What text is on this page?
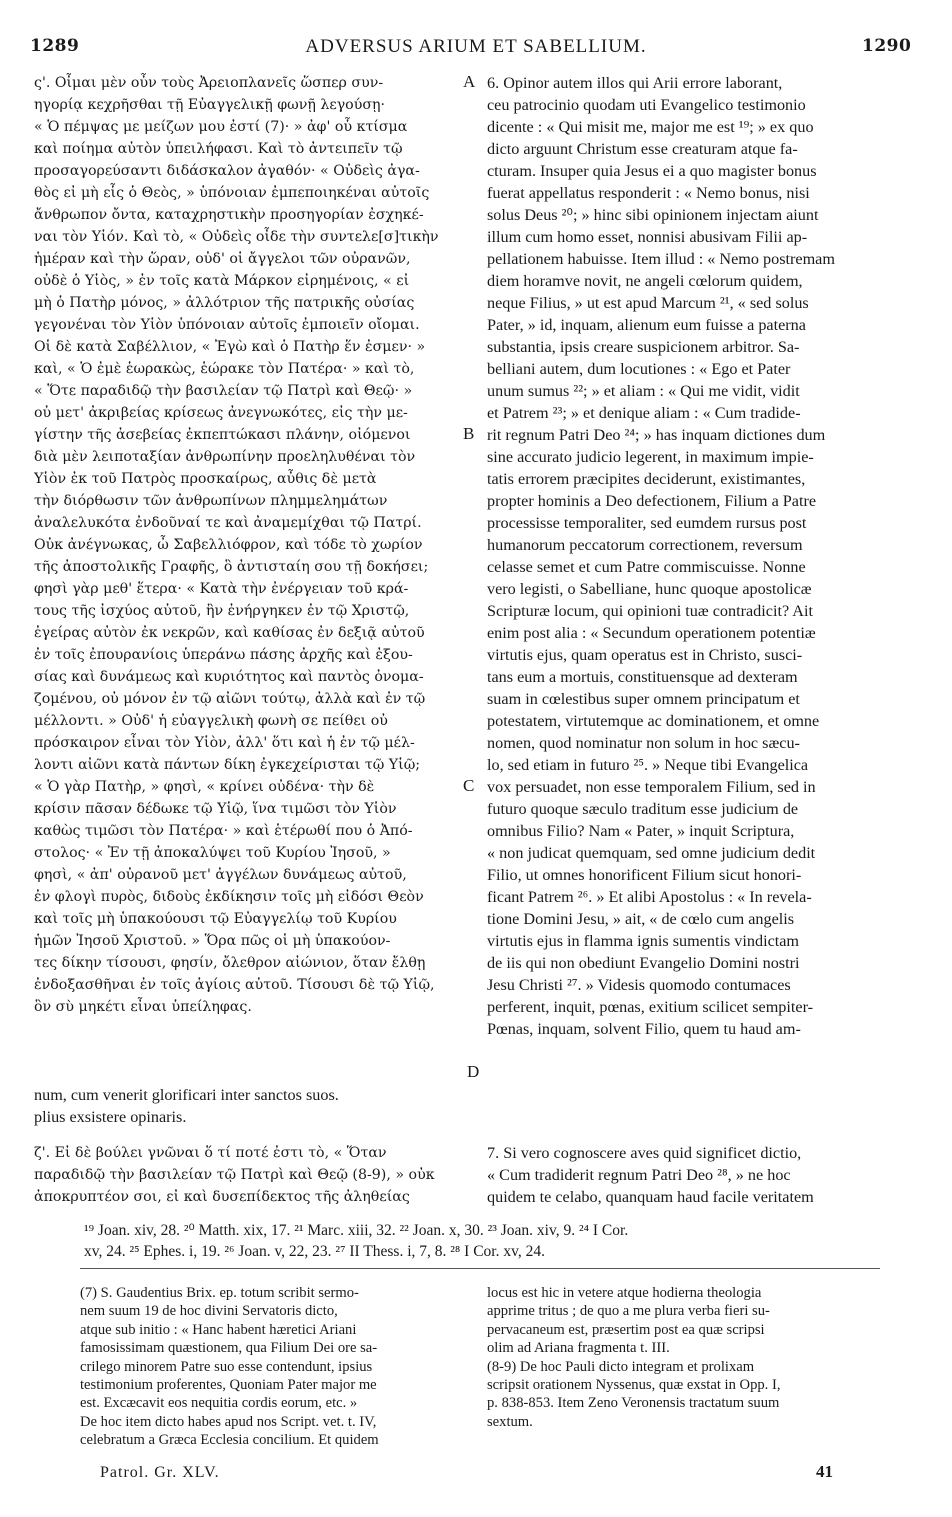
1289	ADVERSUS ARIUM ET SABELLIUM.	1290
ς'. Οἶμαι μὲν οὖν τοὺς Ἀρειοπλανεῖς ὥσπερ συν-
ηγορίᾳ κεχρῆσθαι τῇ Εὐαγγελικῇ φωνῇ λεγούσῃ·
« Ὁ πέμψας με μείζων μου ἐστί (7)· » ἀφ' οὗ κτίσμα
καὶ ποίημα αὐτὸν ὑπειλήφασι. Καὶ τὸ ἀντειπεῖν τῷ
προσαγορεύσαντι διδάσκαλον ἀγαθόν· « Οὐδεὶς ἀγα-
θὸς εἰ μὴ εἷς ὁ Θεὸς, » ὑπόνοιαν ἐμπεποιηκέναι αὐτοῖς
ἄνθρωπον ὄντα, καταχρηστικὴν προσηγορίαν ἐσχηκέ-
ναι τὸν Υἱόν. Καὶ τὸ, « Οὐδεὶς οἶδε τὴν συντελε[σ]τικὴν
ἡμέραν καὶ τὴν ὥραν, οὐδ' οἱ ἄγγελοι τῶν οὐρανῶν,
οὐδὲ ὁ Υἱὸς, » ἐν τοῖς κατὰ Μάρκον εἰρημένοις, « εἰ
μὴ ὁ Πατὴρ μόνος, » ἀλλότριον τῆς πατρικῆς οὐσίας
γεγονέναι τὸν Υἱὸν ὑπόνοιαν αὐτοῖς ἐμποιεῖν οἴομαι.
Οἱ δὲ κατὰ Σαβέλλιον, « Ἐγὼ καὶ ὁ Πατὴρ ἕν ἐσμεν· »
καὶ, « Ὁ ἐμὲ ἑωρακὼς, ἑώρακε τὸν Πατέρα· » καὶ τὸ,
« Ὅτε παραδιδῷ τὴν βασιλείαν τῷ Πατρὶ καὶ Θεῷ· »
οὐ μετ' ἀκριβείας κρίσεως ἀνεγνωκότες, εἰς τὴν με-
γίστην τῆς ἀσεβείας ἐκπεπτώκασι πλάνην, οἰόμενοι
διὰ μὲν λειποταξίαν ἀνθρωπίνην προεληλυθέναι τὸν
Υἱὸν ἐκ τοῦ Πατρὸς προσκαίρως, αὖθις δὲ μετὰ
τὴν διόρθωσιν τῶν ἀνθρωπίνων πλημμελημάτων
ἀναλελυκότα ἐνδοῦναί τε καὶ ἀναμεμίχθαι τῷ Πατρί.
Οὐκ ἀνέγνωκας, ὦ Σαβελλιόφρον, καὶ τόδε τὸ χωρίον
τῆς ἀποστολικῆς Γραφῆς, ὃ ἀντισταίη σου τῇ δοκήσει;
φησὶ γὰρ μεθ' ἕτερα· « Κατὰ τὴν ἐνέργειαν τοῦ κρά-
τους τῆς ἰσχύος αὐτοῦ, ἣν ἐνήργηκεν ἐν τῷ Χριστῷ,
ἐγείρας αὐτὸν ἐκ νεκρῶν, καὶ καθίσας ἐν δεξιᾷ αὐτοῦ
ἐν τοῖς ἐπουρανίοις ὑπεράνω πάσης ἀρχῆς καὶ ἐξου-
σίας καὶ δυνάμεως καὶ κυριότητος καὶ παντὸς ὀνομα-
ζομένου, οὐ μόνον ἐν τῷ αἰῶνι τούτῳ, ἀλλὰ καὶ ἐν τῷ
μέλλοντι. » Οὐδ' ἡ εὐαγγελικὴ φωνὴ σε πείθει οὐ
πρόσκαιρον εἶναι τὸν Υἱὸν, ἀλλ' ὅτι καὶ ἡ ἐν τῷ μέλ-
λοντι αἰῶνι κατὰ πάντων δίκη ἐγκεχείρισται τῷ Υἱῷ;
« Ὁ γὰρ Πατὴρ, » φησὶ, « κρίνει οὐδένα· τὴν δὲ
κρίσιν πᾶσαν δέδωκε τῷ Υἱῷ, ἵνα τιμῶσι τὸν Υἱὸν
καθὼς τιμῶσι τὸν Πατέρα· » καὶ ἑτέρωθί που ὁ Ἀπό-
στολος· « Ἐν τῇ ἀποκαλύψει τοῦ Κυρίου Ἰησοῦ, »
φησὶ, « ἀπ' οὐρανοῦ μετ' ἀγγέλων δυνάμεως αὐτοῦ,
ἐν φλογὶ πυρὸς, διδοὺς ἐκδίκησιν τοῖς μὴ εἰδόσι Θεὸν
καὶ τοῖς μὴ ὑπακούουσι τῷ Εὐαγγελίῳ τοῦ Κυρίου
ἡμῶν Ἰησοῦ Χριστοῦ. » Ὅρα πῶς οἱ μὴ ὑπακούον-
τες δίκην τίσουσι, φησίν, ὄλεθρον αἰώνιον, ὅταν ἔλθῃ
ἐνδοξασθῆναι ἐν τοῖς ἁγίοις αὐτοῦ. Τίσουσι δὲ τῷ Υἱῷ,
ὃν σὺ μηκέτι εἶναι ὑπείληφας.
6. Opinor autem illos qui Arii errore laborant,
ceu patrocinio quodam uti Evangelico testimonio
dicente : « Qui misit me, major me est ¹⁹; » ex quo
dicto arguunt Christum esse creaturam atque fa-
cturam. Insuper quia Jesus ei a quo magister bonus
fuerat appellatus responderit : « Nemo bonus, nisi
solus Deus ²⁰; » hinc sibi opinionem injectam aiunt
illum cum homo esset, nonnisi abusivam Filii ap-
pellationem habuisse. Item illud : « Nemo postremam
diem horamve novit, ne angeli cœlorum quidem,
neque Filius, » ut est apud Marcum ²¹, « sed solus
Pater, » id, inquam, alienum eum fuisse a paterna
substantia, ipsis creare suspicionem arbitror. Sa-
belliani autem, dum locutiones : « Ego et Pater
unum sumus ²²; » et aliam : « Qui me vidit, vidit
et Patrem ²³; » et denique aliam : « Cum tradide-
rit regnum Patri Deo ²⁴; » has inquam dictiones dum
sine accurato judicio legerent, in maximum impie-
tatis errorem præcipites deciderunt, existimantes,
propter hominis a Deo defectionem, Filium a Patre
processisse temporaliter, sed eumdem rursus post
humanorum peccatorum correctionem, reversum
celasse semet et cum Patre commiscuisse. Nonne
vero legisti, o Sabelliane, hunc quoque apostolicæ
Scripturæ locum, qui opinioni tuæ contradicit? Ait
enim post alia : « Secundum operationem potentiæ
virtutis ejus, quam operatus est in Christo, susci-
tans eum a mortuis, constituensque ad dexteram
suam in cœlestibus super omnem principatum et
potestatem, virtutemque ac dominationem, et omne
nomen, quod nominatur non solum in hoc sæcu-
lo, sed etiam in futuro ²⁵. » Neque tibi Evangelica
vox persuadet, non esse temporalem Filium, sed in
futuro quoque sæculo traditum esse judicium de
omnibus Filio? Nam « Pater, » inquit Scriptura,
« non judicat quemquam, sed omne judicium dedit
Filio, ut omnes honorificent Filium sicut honori-
ficant Patrem ²⁶. » Et alibi Apostolus : « In revela-
tione Domini Jesu, » ait, « de cœlo cum angelis
virtutis ejus in flamma ignis sumentis vindictam
de iis qui non obediunt Evangelio Domini nostri
Jesu Christi ²⁷. » Videsis quomodo contumaces
perferent, inquit, pœnas, exitium scilicet sempiter-
Pœnas, inquam, solvent Filio, quem tu haud am-
A
B
C
D
num, cum venerit glorificari inter sanctos suos.
plius exsistere opinaris.
ζ'. Εἰ δὲ βούλει γνῶναι ὅ τί ποτέ ἐστι τὸ, « Ὅταν
παραδιδῷ τὴν βασιλείαν τῷ Πατρὶ καὶ Θεῷ (8-9), » οὐκ
ἀποκρυπτέον σοι, εἰ καὶ δυσεπίδεκτος τῆς ἀληθείας
7. Si vero cognoscere aves quid significet dictio,
« Cum tradiderit regnum Patri Deo ²⁸, » ne hoc
quidem te celabo, quanquam haud facile veritatem
¹⁹ Joan. xiv, 28. ²⁰ Matth. xix, 17. ²¹ Marc. xiii, 32. ²² Joan. x, 30. ²³ Joan. xiv, 9. ²⁴ I Cor.
xv, 24. ²⁵ Ephes. i, 19. ²⁶ Joan. v, 22, 23. ²⁷ II Thess. i, 7, 8. ²⁸ I Cor. xv, 24.
(7) S. Gaudentius Brix. ep. totum scribit sermo-
nem suum 19 de hoc divini Servatoris dicto,
atque sub initio : « Hanc habent hæretici Ariani
famosissimam quæstionem, qua Filium Dei ore sa-
crilego minorem Patre suo esse contendunt, ipsius
testimonium proferentes, Quoniam Pater major me
est. Excæcavit eos nequitia cordis eorum, etc. »
De hoc item dicto habes apud nos Script. vet. t. IV,
celebratum a Græca Ecclesia concilium. Et quidem
locus est hic in vetere atque hodierna theologia
apprime tritus ; de quo a me plura verba fieri su-
pervacaneum est, præsertim post ea quæ scripsi
olim ad Ariana fragmenta t. III.
(8-9) De hoc Pauli dicto integram et prolixam
scripsit orationem Nyssenus, quæ exstat in Opp. I,
p. 838-853. Item Zeno Veronensis tractatum suum
sextum.
Patrol. Gr. XLV.	41
